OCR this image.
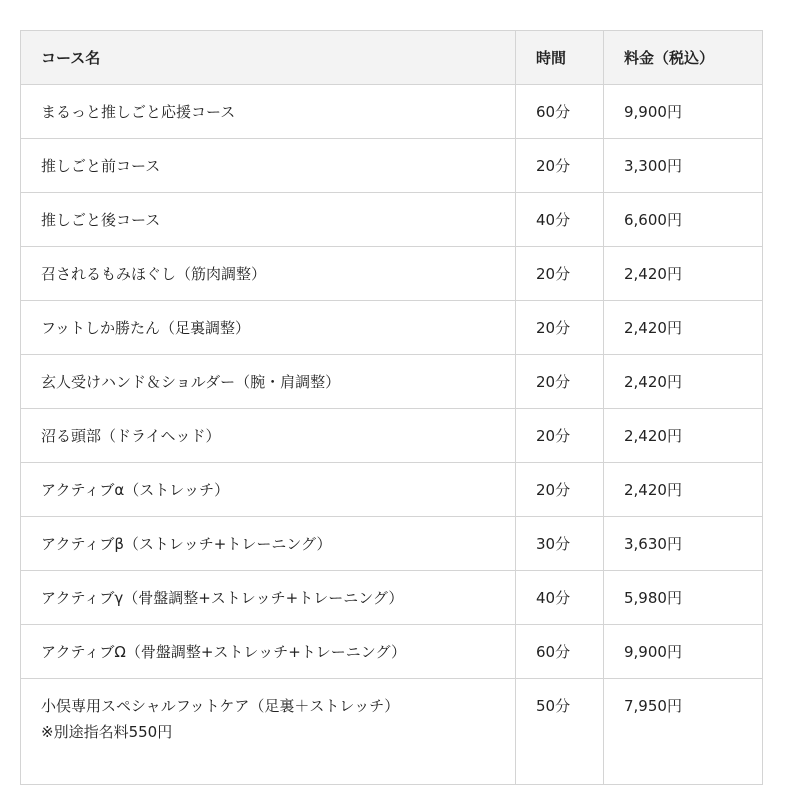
コース名	時間	料金（税込）
まるっと推しごと応援コース	60分	9,900円
推しごと前コース	20分	3,300円
推しごと後コース	40分	6,600円
召されるもみほぐし（筋肉調整）	20分	2,420円
フットしか勝たん（足裏調整）	20分	2,420円
玄人受けハンド＆ショルダー（腕・肩調整）	20分	2,420円
沼る頭部（ドライヘッド）	20分	2,420円
アクティブα（ストレッチ）	20分	2,420円
アクティブβ（ストレッチ+トレーニング）	30分	3,630円
アクティブγ（骨盤調整+ストレッチ+トレーニング）	40分	5,980円
アクティブΩ（骨盤調整+ストレッチ+トレーニング）	60分	9,900円

小俣専用スペシャルフットケア（足裏＋ストレッチ）
※別途指名料550円	50分	7,950円
